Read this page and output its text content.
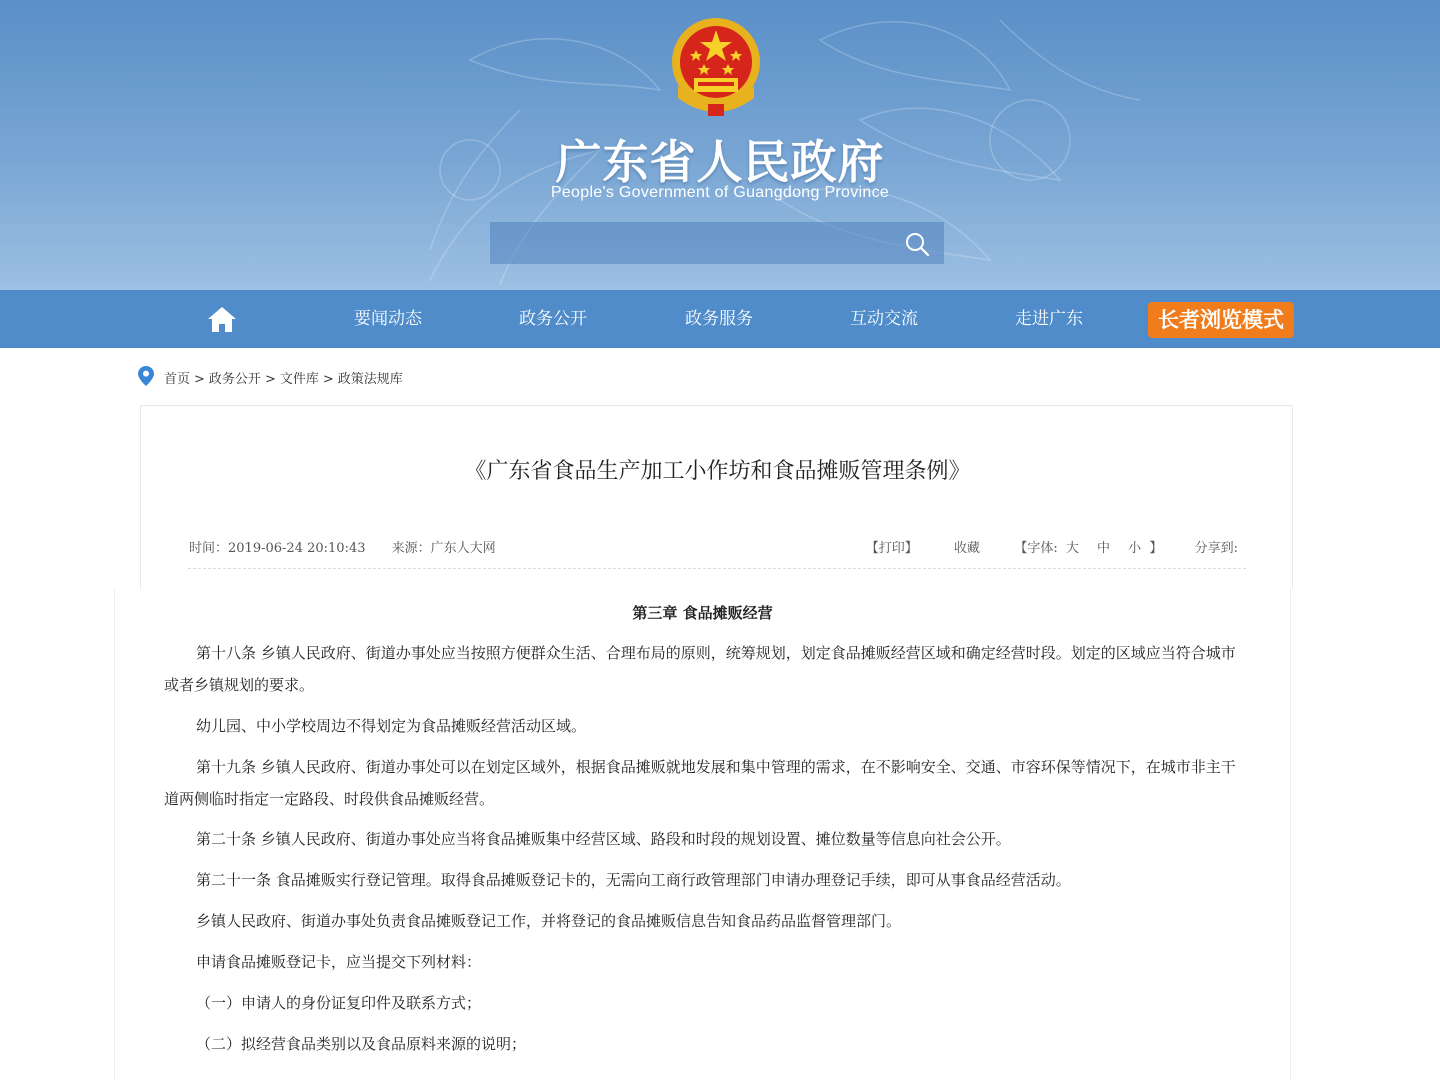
广东省人民政府
People's Government of Guangdong Province
要闻动态	政务公开	政务服务	互动交流	走进广东	长者浏览模式
首页 > 政务公开 > 文件库 > 政策法规库
《广东省食品生产加工小作坊和食品摊贩管理条例》
时间：2019-06-24 20:10:43 来源：广东人大网	【打印】	收藏	【字体: 大 中 小 】 分享到:
第三章 食品摊贩经营

第十八条 乡镇人民政府、街道办事处应当按照方便群众生活、合理布局的原则，统筹规划，划定食品摊贩经营区域和确定经营时段。划定的区域应当符合城市或者乡镇规划的要求。

幼儿园、中小学校周边不得划定为食品摊贩经营活动区域。

第十九条 乡镇人民政府、街道办事处可以在划定区域外，根据食品摊贩就地发展和集中管理的需求，在不影响安全、交通、市容环保等情况下，在城市非主干道两侧临时指定一定路段、时段供食品摊贩经营。

第二十条 乡镇人民政府、街道办事处应当将食品摊贩集中经营区域、路段和时段的规划设置、摊位数量等信息向社会公开。

第二十一条 食品摊贩实行登记管理。取得食品摊贩登记卡的，无需向工商行政管理部门申请办理登记手续，即可从事食品经营活动。

乡镇人民政府、街道办事处负责食品摊贩登记工作，并将登记的食品摊贩信息告知食品药品监督管理部门。

申请食品摊贩登记卡，应当提交下列材料：

（一）申请人的身份证复印件及联系方式；

（二）拟经营食品类别以及食品原料来源的说明；
